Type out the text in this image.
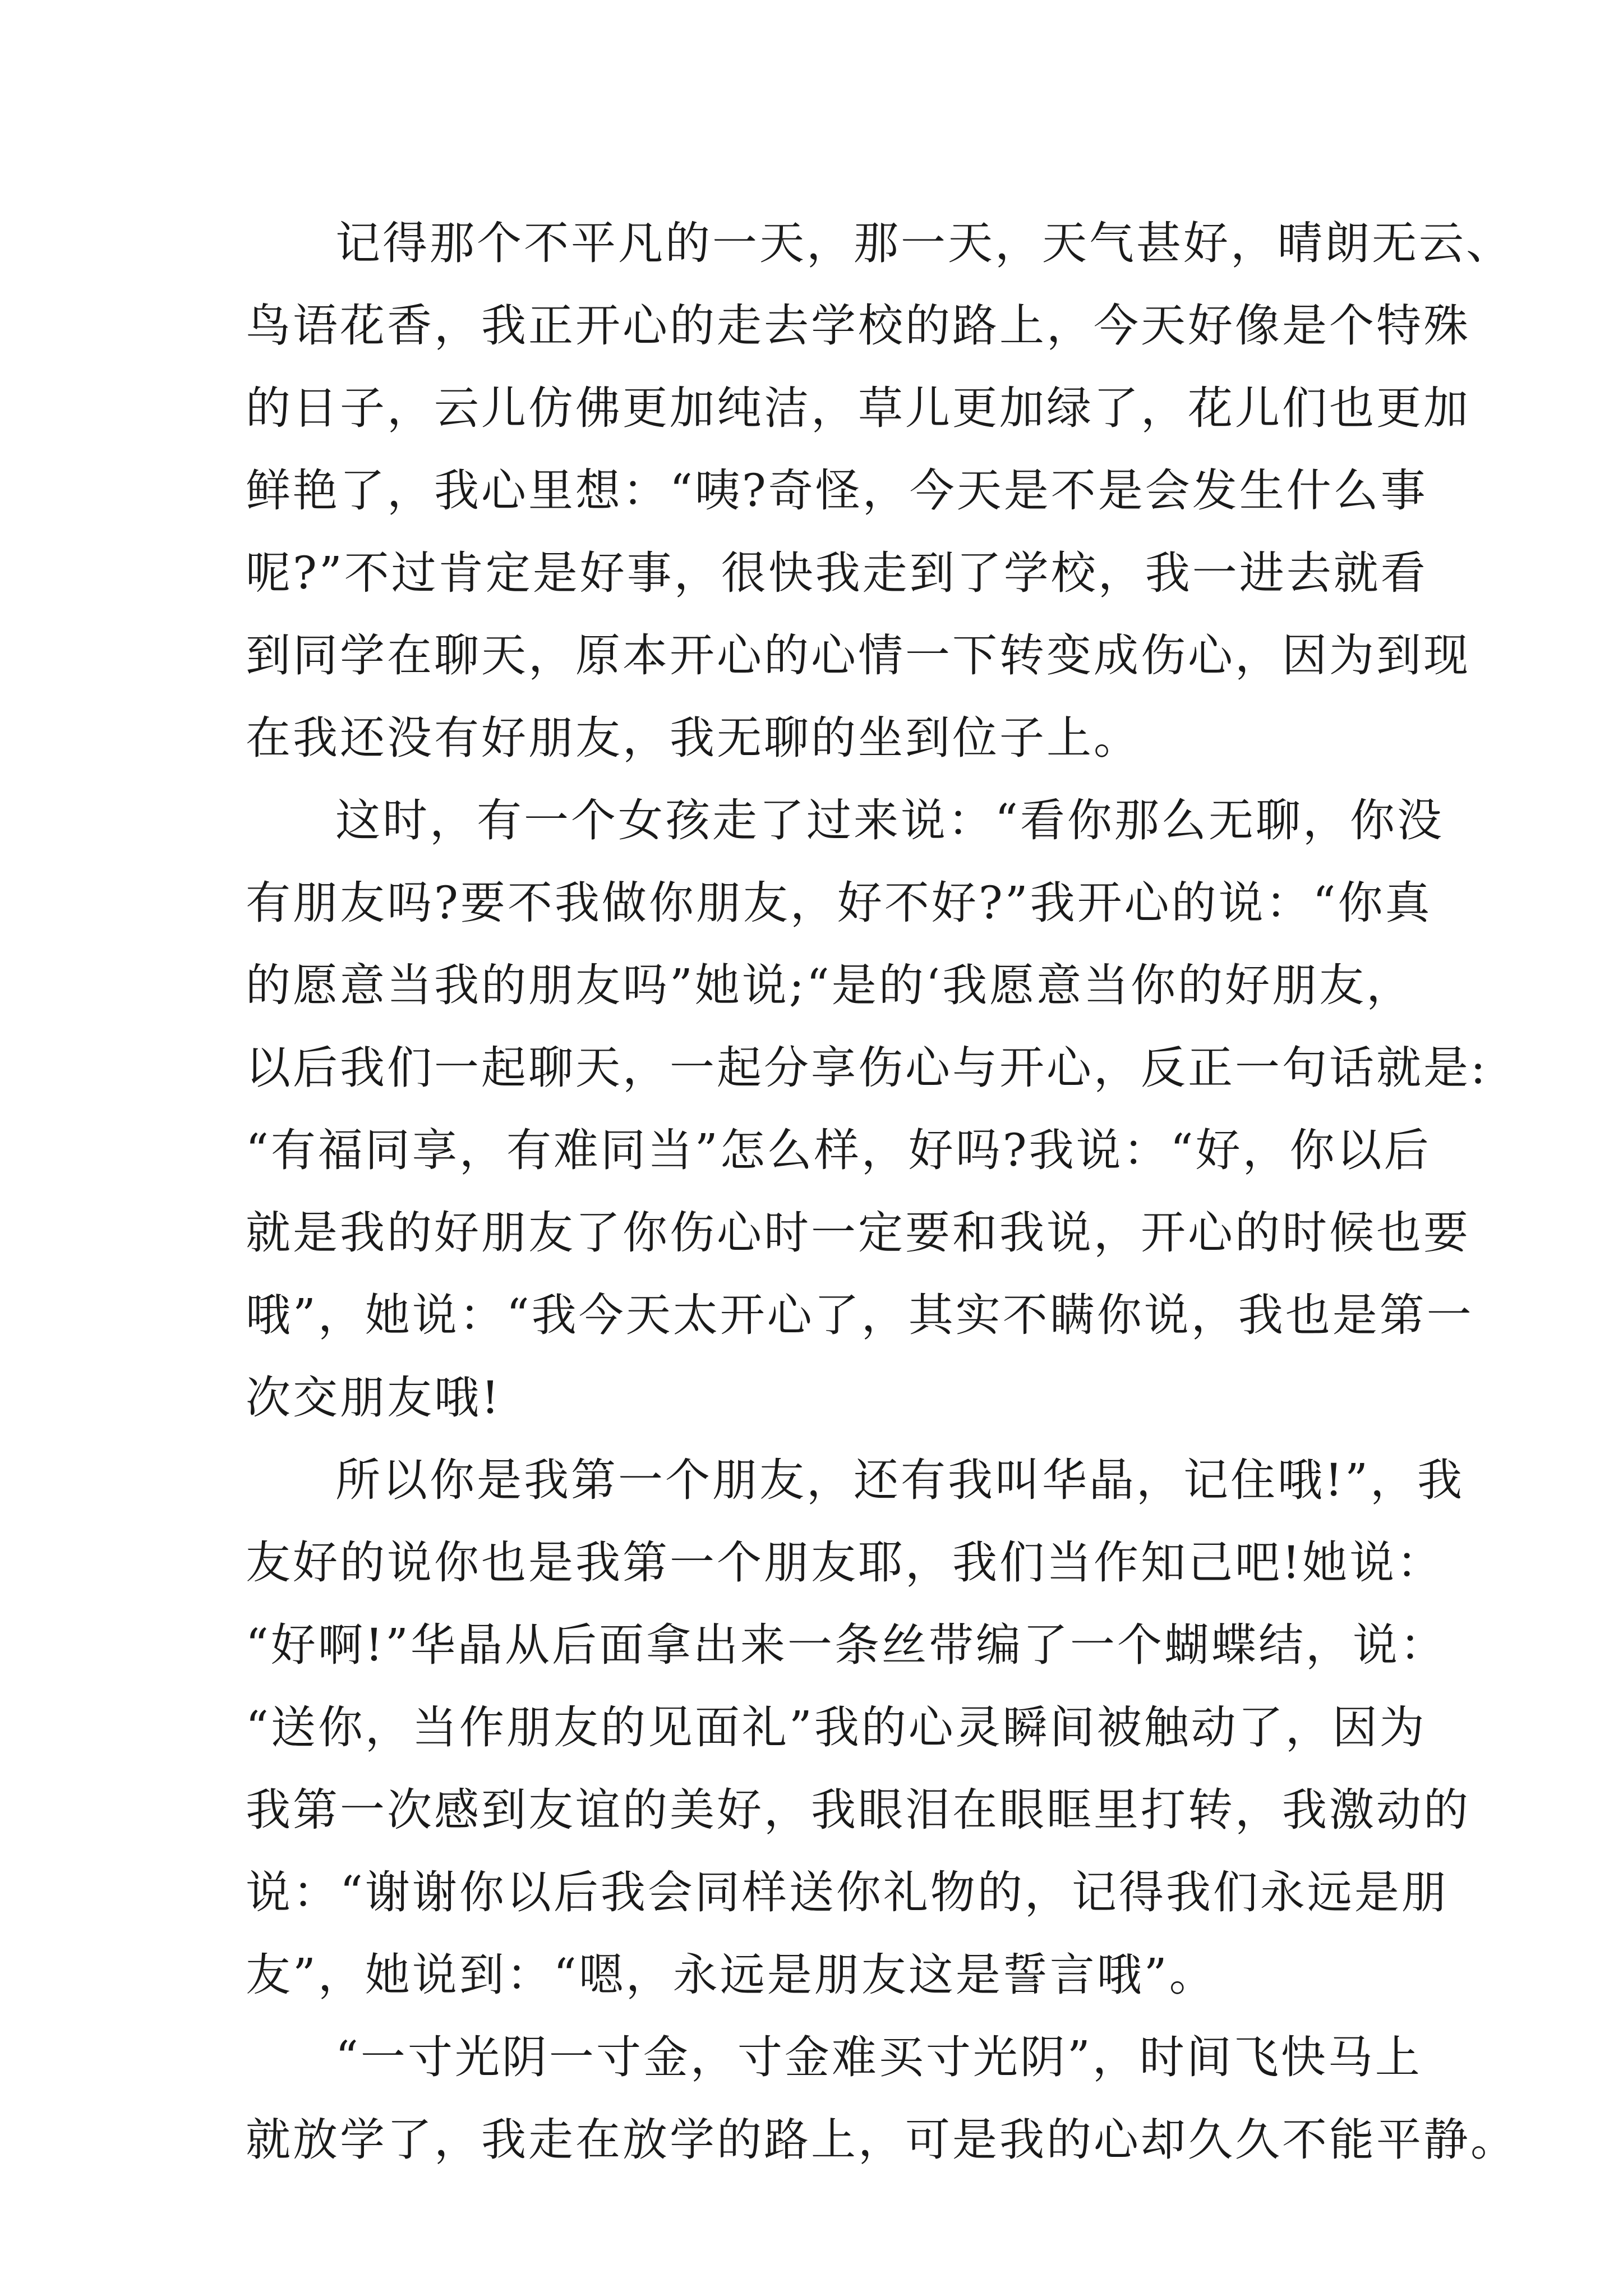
记得那个不平凡的一天，那一天，天气甚好，晴朗无云、
鸟语花香，我正开心的走去学校的路上，今天好像是个特殊
的日子，云儿仿佛更加纯洁，草儿更加绿了，花儿们也更加
鲜艳了，我心里想：“咦?奇怪，今天是不是会发生什么事
呢?”不过肯定是好事，很快我走到了学校，我一进去就看
到同学在聊天，原本开心的心情一下转变成伤心，因为到现
在我还没有好朋友，我无聊的坐到位子上。
这时，有一个女孩走了过来说：“看你那么无聊，你没
有朋友吗?要不我做你朋友，好不好?”我开心的说：“你真
的愿意当我的朋友吗”她说;“是的‘我愿意当你的好朋友，
以后我们一起聊天，一起分享伤心与开心，反正一句话就是:
“有福同享，有难同当”怎么样，好吗?我说：“好，你以后
就是我的好朋友了你伤心时一定要和我说，开心的时候也要
哦”，她说：“我今天太开心了，其实不瞒你说，我也是第一
次交朋友哦!
所以你是我第一个朋友，还有我叫华晶，记住哦!”，我
友好的说你也是我第一个朋友耶，我们当作知己吧!她说：
“好啊!”华晶从后面拿出来一条丝带编了一个蝴蝶结，说：
“送你，当作朋友的见面礼”我的心灵瞬间被触动了，因为
我第一次感到友谊的美好，我眼泪在眼眶里打转，我激动的
说：“谢谢你以后我会同样送你礼物的，记得我们永远是朋
友”，她说到：“嗯，永远是朋友这是誓言哦”。
“一寸光阴一寸金，寸金难买寸光阴”，时间飞快马上
就放学了，我走在放学的路上，可是我的心却久久不能平静。
